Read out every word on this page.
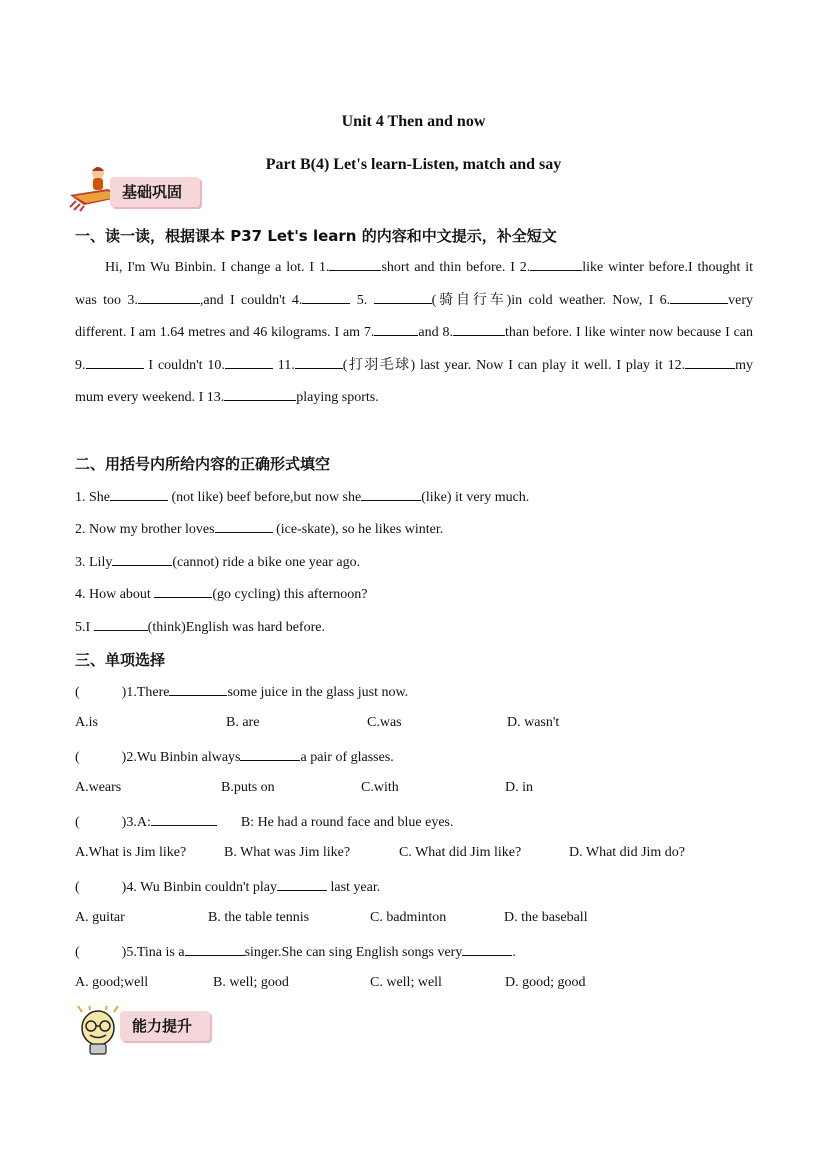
Unit 4 Then and now
Part B(4) Let's learn-Listen, match and say
基础巩固
一、读一读，根据课本 P37 Let's learn 的内容和中文提示，补全短文
Hi, I'm Wu Binbin. I change a lot. I 1.	short and thin before. I 2.	like winter before.I thought it was too 3.	,and I couldn't 4.	5.	(骑自行车)in cold weather. Now, I 6.	very different. I am 1.64 metres and 46 kilograms. I am 7.	and 8.	than before. I like winter now because I can 9.	I couldn't 10.	11.	(打羽毛球) last year. Now I can play it well. I play it 12.	my mum every weekend. I 13.	playing sports.
二、用括号内所给内容的正确形式填空
1. She	(not like) beef before,but now she	(like) it very much.
2. Now my brother loves	(ice-skate), so he likes winter.
3. Lily	(cannot) ride a bike one year ago.
4. How about	(go cycling) this afternoon?
5.I	(think)English was hard before.
三、单项选择
(	)1.There	some juice in the glass just now.
A.is	B. are	C.was	D. wasn't
(	)2.Wu Binbin always	a pair of glasses.
A.wears	B.puts on	C.with	D. in
(	)3.A:	B: He had a round face and blue eyes.
A.What is Jim like?	B. What was Jim like?	C. What did Jim like?	D. What did Jim do?
(	)4. Wu Binbin couldn't play	last year.
A. guitar	B. the table tennis	C. badminton	D. the baseball
(	)5.Tina is a	singer.She can sing English songs very	.
A. good;well	B. well; good	C. well; well	D. good; good
能力提升
